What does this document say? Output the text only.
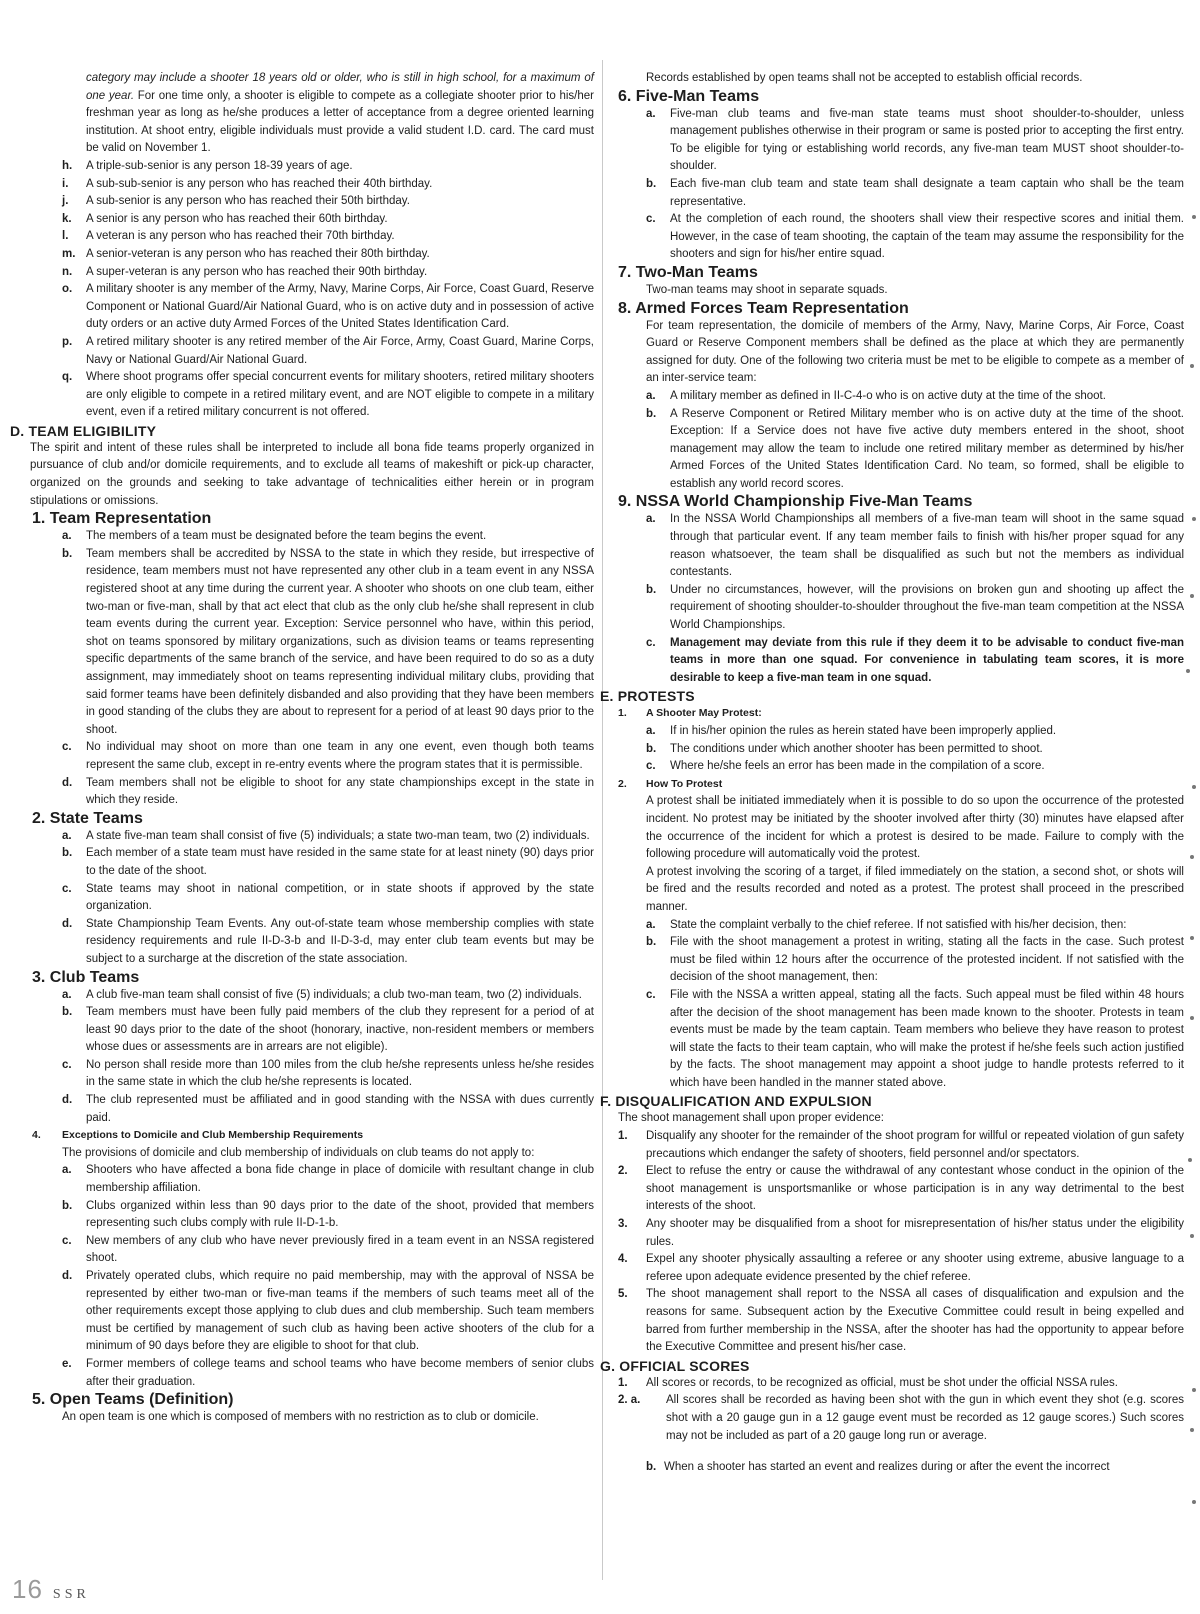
category may include a shooter 18 years old or older, who is still in high school, for a maximum of one year. For one time only, a shooter is eligible to compete as a collegiate shooter prior to his/her freshman year as long as he/she produces a letter of acceptance from a degree oriented learning institution. At shoot entry, eligible individuals must provide a valid student I.D. card. The card must be valid on November 1.
h.	A triple-sub-senior is any person 18-39 years of age.
i.	A sub-sub-senior is any person who has reached their 40th birthday.
j.	A sub-senior is any person who has reached their 50th birthday.
k.	A senior is any person who has reached their 60th birthday.
l.	A veteran is any person who has reached their 70th birthday.
m. A senior-veteran is any person who has reached their 80th birthday.
n.	A super-veteran is any person who has reached their 90th birthday.
o.	A military shooter is any member of the Army, Navy, Marine Corps, Air Force, Coast Guard, Reserve Component or National Guard/Air National Guard, who is on active duty and in possession of active duty orders or an active duty Armed Forces of the United States Identification Card.
p.	A retired military shooter is any retired member of the Air Force, Army, Coast Guard, Marine Corps, Navy or National Guard/Air National Guard.
q.	Where shoot programs offer special concurrent events for military shooters, retired military shooters are only eligible to compete in a retired military event, and are NOT eligible to compete in a military event, even if a retired military concurrent is not offered.
D. TEAM ELIGIBILITY
The spirit and intent of these rules shall be interpreted to include all bona fide teams properly organized in pursuance of club and/or domicile requirements, and to exclude all teams of makeshift or pick-up character, organized on the grounds and seeking to take advantage of technicalities either herein or in program stipulations or omissions.
1. Team Representation
a.	The members of a team must be designated before the team begins the event.
b.	Team members shall be accredited by NSSA to the state in which they reside, but irrespective of residence, team members must not have represented any other club in a team event in any NSSA registered shoot at any time during the current year. A shooter who shoots on one club team, either two-man or five-man, shall by that act elect that club as the only club he/she shall represent in club team events during the current year. Exception: Service personnel who have, within this period, shot on teams sponsored by military organizations, such as division teams or teams representing specific departments of the same branch of the service, and have been required to do so as a duty assignment, may immediately shoot on teams representing individual military clubs, providing that said former teams have been definitely disbanded and also providing that they have been members in good standing of the clubs they are about to represent for a period of at least 90 days prior to the shoot.
c.	No individual may shoot on more than one team in any one event, even though both teams represent the same club, except in re-entry events where the program states that it is permissible.
d.	Team members shall not be eligible to shoot for any state championships except in the state in which they reside.
2. State Teams
a.	A state five-man team shall consist of five (5) individuals; a state two-man team, two (2) individuals.
b.	Each member of a state team must have resided in the same state for at least ninety (90) days prior to the date of the shoot.
c.	State teams may shoot in national competition, or in state shoots if approved by the state organization.
d.	State Championship Team Events. Any out-of-state team whose membership complies with state residency requirements and rule II-D-3-b and II-D-3-d, may enter club team events but may be subject to a surcharge at the discretion of the state association.
3. Club Teams
a.	A club five-man team shall consist of five (5) individuals; a club two-man team, two (2) individuals.
b.	Team members must have been fully paid members of the club they represent for a period of at least 90 days prior to the date of the shoot (honorary, inactive, non-resident members or members whose dues or assessments are in arrears are not eligible).
c.	No person shall reside more than 100 miles from the club he/she represents unless he/she resides in the same state in which the club he/she represents is located.
d.	The club represented must be affiliated and in good standing with the NSSA with dues currently paid.
4. Exceptions to Domicile and Club Membership Requirements
The provisions of domicile and club membership of individuals on club teams do not apply to:
a.	Shooters who have affected a bona fide change in place of domicile with resultant change in club membership affiliation.
b.	Clubs organized within less than 90 days prior to the date of the shoot, provided that members representing such clubs comply with rule II-D-1-b.
c.	New members of any club who have never previously fired in a team event in an NSSA registered shoot.
d.	Privately operated clubs, which require no paid membership, may with the approval of NSSA be represented by either two-man or five-man teams if the members of such teams meet all of the other requirements except those applying to club dues and club membership. Such team members must be certified by management of such club as having been active shooters of the club for a minimum of 90 days before they are eligible to shoot for that club.
e.	Former members of college teams and school teams who have become members of senior clubs after their graduation.
5. Open Teams (Definition)
An open team is one which is composed of members with no restriction as to club or domicile.
Records established by open teams shall not be accepted to establish official records.
6. Five-Man Teams
a.	Five-man club teams and five-man state teams must shoot shoulder-to-shoulder, unless management publishes otherwise in their program or same is posted prior to accepting the first entry. To be eligible for tying or establishing world records, any five-man team MUST shoot shoulder-to-shoulder.
b.	Each five-man club team and state team shall designate a team captain who shall be the team representative.
c.	At the completion of each round, the shooters shall view their respective scores and initial them. However, in the case of team shooting, the captain of the team may assume the responsibility for the shooters and sign for his/her entire squad.
7. Two-Man Teams
Two-man teams may shoot in separate squads.
8. Armed Forces Team Representation
For team representation, the domicile of members of the Army, Navy, Marine Corps, Air Force, Coast Guard or Reserve Component members shall be defined as the place at which they are permanently assigned for duty. One of the following two criteria must be met to be eligible to compete as a member of an inter-service team:
a.	A military member as defined in II-C-4-o who is on active duty at the time of the shoot.
b.	A Reserve Component or Retired Military member who is on active duty at the time of the shoot. Exception: If a Service does not have five active duty members entered in the shoot, shoot management may allow the team to include one retired military member as determined by his/her Armed Forces of the United States Identification Card. No team, so formed, shall be eligible to establish any world record scores.
9. NSSA World Championship Five-Man Teams
a.	In the NSSA World Championships all members of a five-man team will shoot in the same squad through that particular event. If any team member fails to finish with his/her proper squad for any reason whatsoever, the team shall be disqualified as such but not the members as individual contestants.
b.	Under no circumstances, however, will the provisions on broken gun and shooting up affect the requirement of shooting shoulder-to-shoulder throughout the five-man team competition at the NSSA World Championships.
c.	Management may deviate from this rule if they deem it to be advisable to conduct five-man teams in more than one squad. For convenience in tabulating team scores, it is more desirable to keep a five-man team in one squad.
E. PROTESTS
1. A Shooter May Protest:
a.	If in his/her opinion the rules as herein stated have been improperly applied.
b.	The conditions under which another shooter has been permitted to shoot.
c.	Where he/she feels an error has been made in the compilation of a score.
2. How To Protest
A protest shall be initiated immediately when it is possible to do so upon the occurrence of the protested incident. No protest may be initiated by the shooter involved after thirty (30) minutes have elapsed after the occurrence of the incident for which a protest is desired to be made. Failure to comply with the following procedure will automatically void the protest.
A protest involving the scoring of a target, if filed immediately on the station, a second shot, or shots will be fired and the results recorded and noted as a protest. The protest shall proceed in the prescribed manner.
a.	State the complaint verbally to the chief referee. If not satisfied with his/her decision, then:
b.	File with the shoot management a protest in writing, stating all the facts in the case. Such protest must be filed within 12 hours after the occurrence of the protested incident. If not satisfied with the decision of the shoot management, then:
c.	File with the NSSA a written appeal, stating all the facts. Such appeal must be filed within 48 hours after the decision of the shoot management has been made known to the shooter. Protests in team events must be made by the team captain. Team members who believe they have reason to protest will state the facts to their team captain, who will make the protest if he/she feels such action justified by the facts. The shoot management may appoint a shoot judge to handle protests referred to it which have been handled in the manner stated above.
F. DISQUALIFICATION AND EXPULSION
The shoot management shall upon proper evidence:
1.	Disqualify any shooter for the remainder of the shoot program for willful or repeated violation of gun safety precautions which endanger the safety of shooters, field personnel and/or spectators.
2.	Elect to refuse the entry or cause the withdrawal of any contestant whose conduct in the opinion of the shoot management is unsportsmanlike or whose participation is in any way detrimental to the best interests of the shoot.
3.	Any shooter may be disqualified from a shoot for misrepresentation of his/her status under the eligibility rules.
4.	Expel any shooter physically assaulting a referee or any shooter using extreme, abusive language to a referee upon adequate evidence presented by the chief referee.
5.	The shoot management shall report to the NSSA all cases of disqualification and expulsion and the reasons for same. Subsequent action by the Executive Committee could result in being expelled and barred from further membership in the NSSA, after the shooter has had the opportunity to appear before the Executive Committee and present his/her case.
G. OFFICIAL SCORES
1.	All scores or records, to be recognized as official, must be shot under the official NSSA rules.
2. a.	All scores shall be recorded as having been shot with the gun in which event they shot (e.g. scores shot with a 20 gauge gun in a 12 gauge event must be recorded as 12 gauge scores.) Such scores may not be included as part of a 20 gauge long run or average.
b. When a shooter has started an event and realizes during or after the event the incorrect
16 SSR
